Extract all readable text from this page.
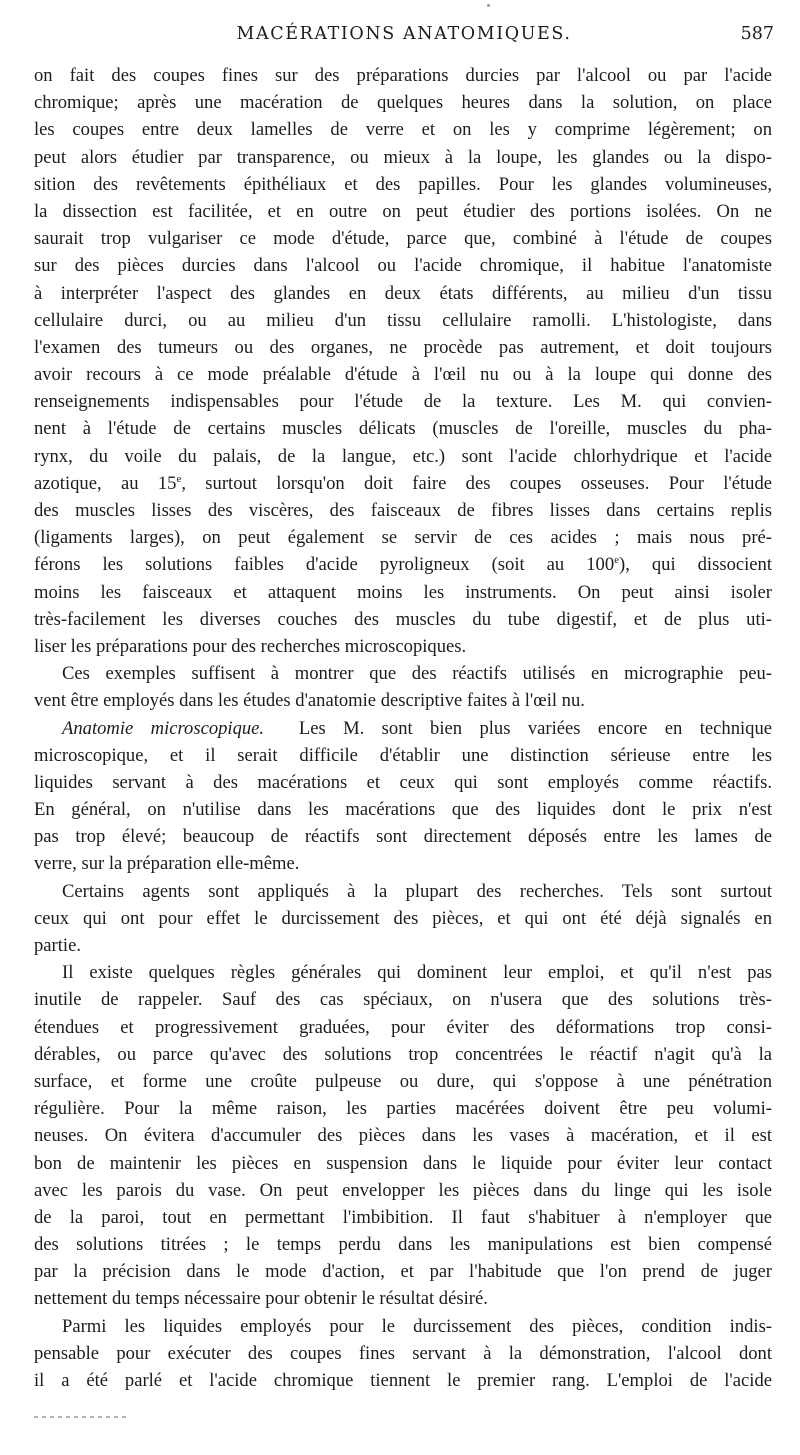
MACÉRATIONS ANATOMIQUES.	587
on fait des coupes fines sur des préparations durcies par l'alcool ou par l'acide
chromique; après une macération de quelques heures dans la solution, on place
les coupes entre deux lamelles de verre et on les y comprime légèrement; on
peut alors étudier par transparence, ou mieux à la loupe, les glandes ou la dispo-
sition des revêtements épithéliaux et des papilles. Pour les glandes volumineuses,
la dissection est facilitée, et en outre on peut étudier des portions isolées. On ne
saurait trop vulgariser ce mode d'étude, parce que, combiné à l'étude de coupes
sur des pièces durcies dans l'alcool ou l'acide chromique, il habitue l'anatomiste
à interpréter l'aspect des glandes en deux états différents, au milieu d'un tissu
cellulaire durci, ou au milieu d'un tissu cellulaire ramolli. L'histologiste, dans
l'examen des tumeurs ou des organes, ne procède pas autrement, et doit toujours
avoir recours à ce mode préalable d'étude à l'œil nu ou à la loupe qui donne des
renseignements indispensables pour l'étude de la texture. Les M. qui convien-
nent à l'étude de certains muscles délicats (muscles de l'oreille, muscles du pha-
rynx, du voile du palais, de la langue, etc.) sont l'acide chlorhydrique et l'acide
azotique, au 15e, surtout lorsqu'on doit faire des coupes osseuses. Pour l'étude
des muscles lisses des viscères, des faisceaux de fibres lisses dans certains replis
(ligaments larges), on peut également se servir de ces acides ; mais nous pré-
férons les solutions faibles d'acide pyroligneux (soit au 100e), qui dissocient
moins les faisceaux et attaquent moins les instruments. On peut ainsi isoler
très-facilement les diverses couches des muscles du tube digestif, et de plus uti-
liser les préparations pour des recherches microscopiques.
Ces exemples suffisent à montrer que des réactifs utilisés en micrographie peu-
vent être employés dans les études d'anatomie descriptive faites à l'œil nu.
Anatomie microscopique. Les M. sont bien plus variées encore en technique
microscopique, et il serait difficile d'établir une distinction sérieuse entre les
liquides servant à des macérations et ceux qui sont employés comme réactifs.
En général, on n'utilise dans les macérations que des liquides dont le prix n'est
pas trop élevé; beaucoup de réactifs sont directement déposés entre les lames de
verre, sur la préparation elle-même.
Certains agents sont appliqués à la plupart des recherches. Tels sont surtout
ceux qui ont pour effet le durcissement des pièces, et qui ont été déjà signalés en
partie.
Il existe quelques règles générales qui dominent leur emploi, et qu'il n'est pas
inutile de rappeler. Sauf des cas spéciaux, on n'usera que des solutions très-
étendues et progressivement graduées, pour éviter des déformations trop consi-
dérables, ou parce qu'avec des solutions trop concentrées le réactif n'agit qu'à la
surface, et forme une croûte pulpeuse ou dure, qui s'oppose à une pénétration
régulière. Pour la même raison, les parties macérées doivent être peu volumi-
neuses. On évitera d'accumuler des pièces dans les vases à macération, et il est
bon de maintenir les pièces en suspension dans le liquide pour éviter leur contact
avec les parois du vase. On peut envelopper les pièces dans du linge qui les isole
de la paroi, tout en permettant l'imbibition. Il faut s'habituer à n'employer que
des solutions titrées ; le temps perdu dans les manipulations est bien compensé
par la précision dans le mode d'action, et par l'habitude que l'on prend de juger
nettement du temps nécessaire pour obtenir le résultat désiré.
Parmi les liquides employés pour le durcissement des pièces, condition indis-
pensable pour exécuter des coupes fines servant à la démonstration, l'alcool dont
il a été parlé et l'acide chromique tiennent le premier rang. L'emploi de l'acide
